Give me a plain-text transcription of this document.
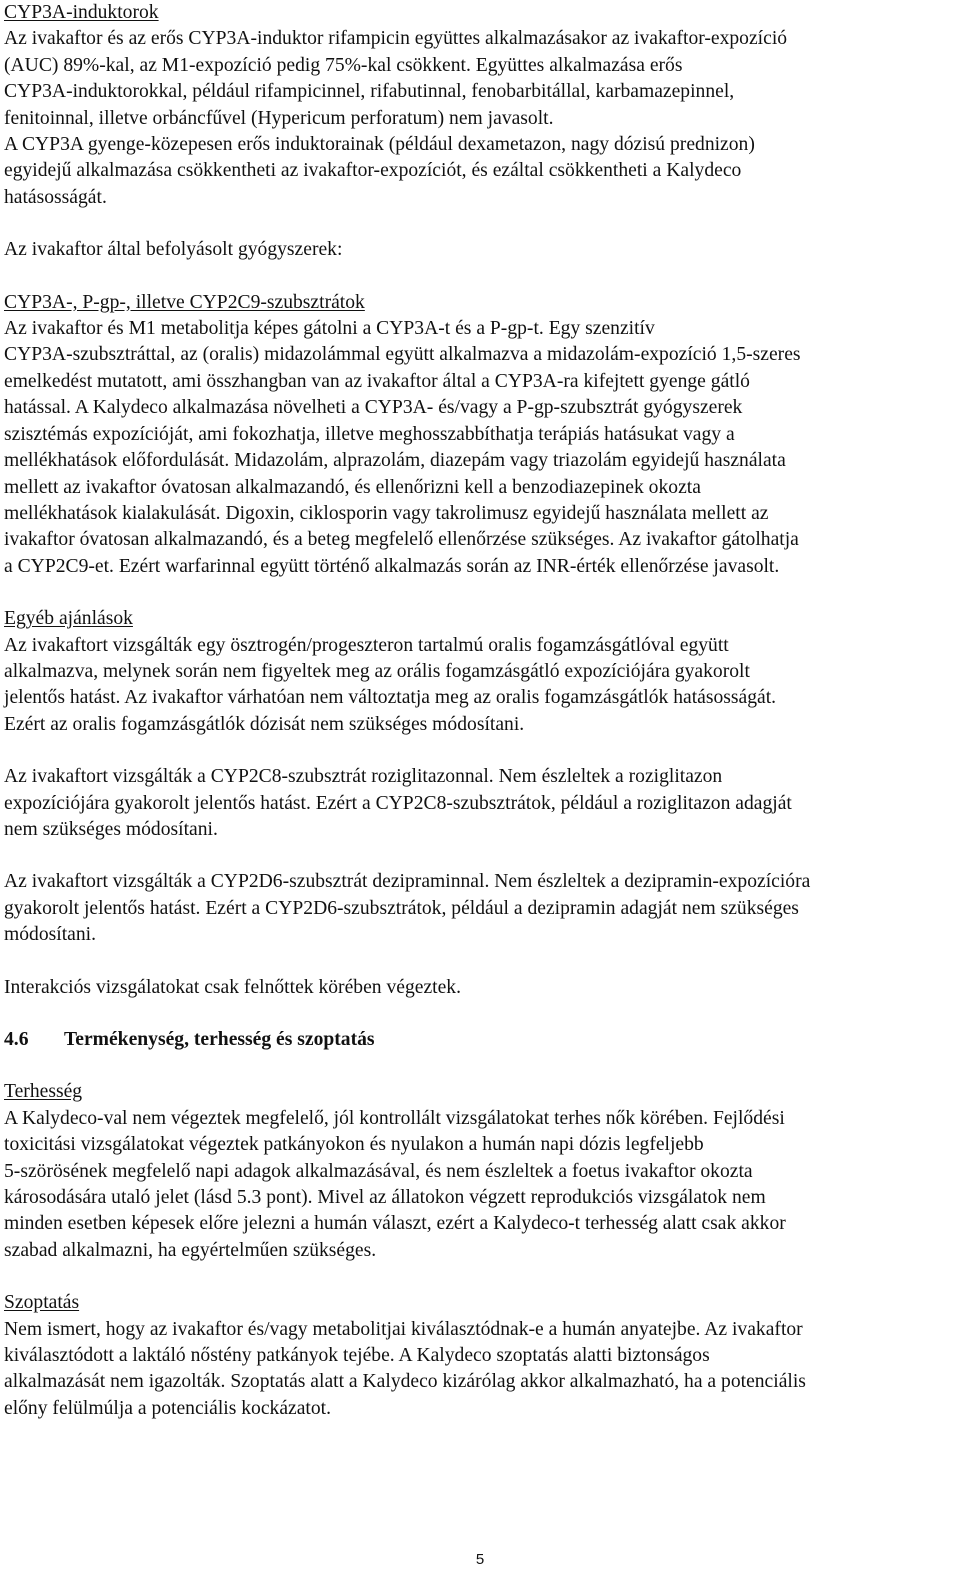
CYP3A-induktorok

Az ivakaftor és az erős CYP3A-induktor rifampicin együttes alkalmazásakor az ivakaftor-expozíció
(AUC) 89%-kal, az M1-expozíció pedig 75%-kal csökkent. Együttes alkalmazása erős
CYP3A-induktorokkal, például rifampicinnel, rifabutinnal, fenobarbitállal, karbamazepinnel,
fenitoinnal, illetve orbáncfűvel (Hypericum perforatum) nem javasolt.

A CYP3A gyenge-közepesen erős induktorainak (például dexametazon, nagy dózisú prednizon)
egyidejű alkalmazása csökkentheti az ivakaftor-expozíciót, és ezáltal csökkentheti a Kalydeco
hatásosságát.

Az ivakaftor által befolyásolt gyógyszerek:

CYP3A-, P-gp-, illetve CYP2C9-szubsztrátok

Az ivakaftor és M1 metabolitja képes gátolni a CYP3A-t és a P-gp-t. Egy szenzitív
CYP3A-szubsztráttal, az (oralis) midazolámmal együtt alkalmazva a midazolám-expozíció 1,5-szeres
emelkedést mutatott, ami összhangban van az ivakaftor által a CYP3A-ra kifejtett gyenge gátló
hatással. A Kalydeco alkalmazása növelheti a CYP3A- és/vagy a P-gp-szubsztrát gyógyszerek
szisztémás expozícióját, ami fokozhatja, illetve meghosszabbíthatja terápiás hatásukat vagy a
mellékhatások előfordulását. Midazolám, alprazolám, diazepám vagy triazolám egyidejű használata
mellett az ivakaftor óvatosan alkalmazandó, és ellenőrizni kell a benzodiazepinek okozta
mellékhatások kialakulását. Digoxin, ciklosporin vagy takrolimusz egyidejű használata mellett az
ivakaftor óvatosan alkalmazandó, és a beteg megfelelő ellenőrzése szükséges. Az ivakaftor gátolhatja
a CYP2C9-et. Ezért warfarinnal együtt történő alkalmazás során az INR-érték ellenőrzése javasolt.

Egyéb ajánlások

Az ivakaftort vizsgálták egy ösztrogén/progeszteron tartalmú oralis fogamzásgátlóval együtt
alkalmazva, melynek során nem figyeltek meg az orális fogamzásgátló expozíciójára gyakorolt
jelentős hatást. Az ivakaftor várhatóan nem változtatja meg az oralis fogamzásgátlók hatásosságát.
Ezért az oralis fogamzásgátlók dózisát nem szükséges módosítani.

Az ivakaftort vizsgálták a CYP2C8-szubsztrát roziglitazonnal. Nem észleltek a roziglitazon
expozíciójára gyakorolt jelentős hatást. Ezért a CYP2C8-szubsztrátok, például a roziglitazon adagját
nem szükséges módosítani.

Az ivakaftort vizsgálták a CYP2D6-szubsztrát dezipraminnal. Nem észleltek a dezipramin-expozícióra
gyakorolt jelentős hatást. Ezért a CYP2D6-szubsztrátok, például a dezipramin adagját nem szükséges
módosítani.

Interakciós vizsgálatokat csak felnőttek körében végeztek.

4.6	Termékenység, terhesség és szoptatás

Terhesség

A Kalydeco-val nem végeztek megfelelő, jól kontrollált vizsgálatokat terhes nők körében. Fejlődési
toxicitási vizsgálatokat végeztek patkányokon és nyulakon a humán napi dózis legfeljebb
5-szörösének megfelelő napi adagok alkalmazásával, és nem észleltek a foetus ivakaftor okozta
károsodására utaló jelet (lásd 5.3 pont). Mivel az állatokon végzett reprodukciós vizsgálatok nem
minden esetben képesek előre jelezni a humán választ, ezért a Kalydeco-t terhesség alatt csak akkor
szabad alkalmazni, ha egyértelműen szükséges.

Szoptatás

Nem ismert, hogy az ivakaftor és/vagy metabolitjai kiválasztódnak-e a humán anyatejbe. Az ivakaftor
kiválasztódott a laktáló nőstény patkányok tejébe. A Kalydeco szoptatás alatti biztonságos
alkalmazását nem igazolták. Szoptatás alatt a Kalydeco kizárólag akkor alkalmazható, ha a potenciális
előny felülmúlja a potenciális kockázatot.

5
